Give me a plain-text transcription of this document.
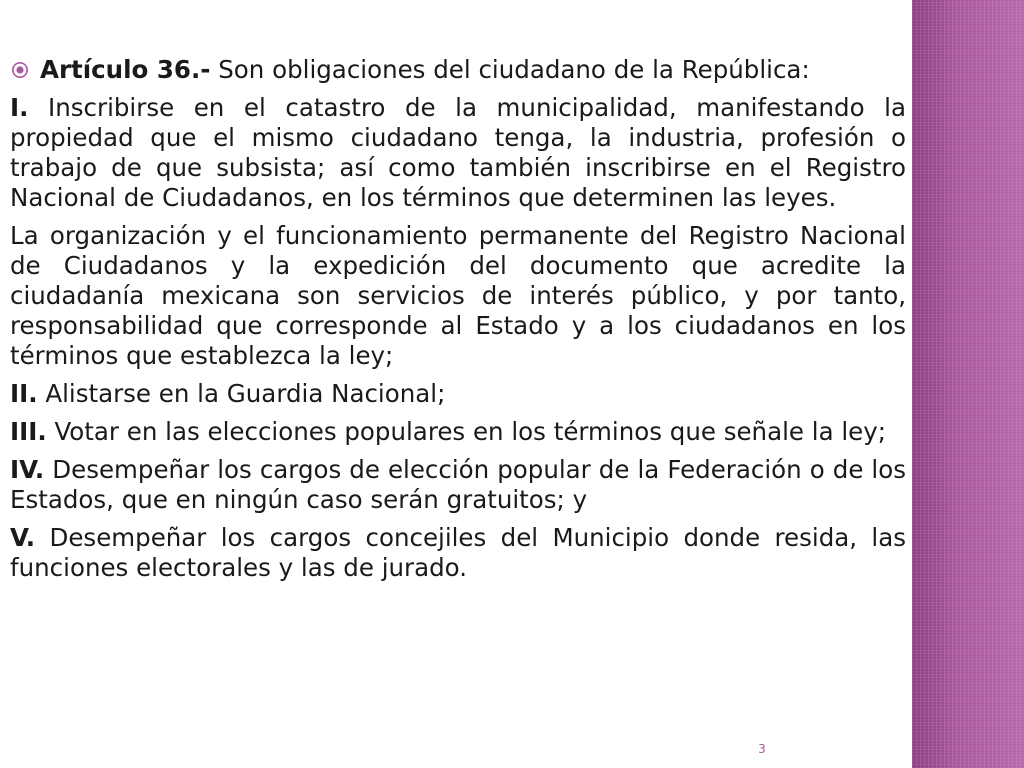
Artículo 36.- Son obligaciones del ciudadano de la República:

I. Inscribirse en el catastro de la municipalidad, manifestando la propiedad que el mismo ciudadano tenga, la industria, profesión o trabajo de que subsista; así como también inscribirse en el Registro Nacional de Ciudadanos, en los términos que determinen las leyes.

La organización y el funcionamiento permanente del Registro Nacional de Ciudadanos y la expedición del documento que acredite la ciudadanía mexicana son servicios de interés público, y por tanto, responsabilidad que corresponde al Estado y a los ciudadanos en los términos que establezca la ley;

II. Alistarse en la Guardia Nacional;

III. Votar en las elecciones populares en los términos que señale la ley;

IV. Desempeñar los cargos de elección popular de la Federación o de los Estados, que en ningún caso serán gratuitos; y

V. Desempeñar los cargos concejiles del Municipio donde resida, las funciones electorales y las de jurado.

3
